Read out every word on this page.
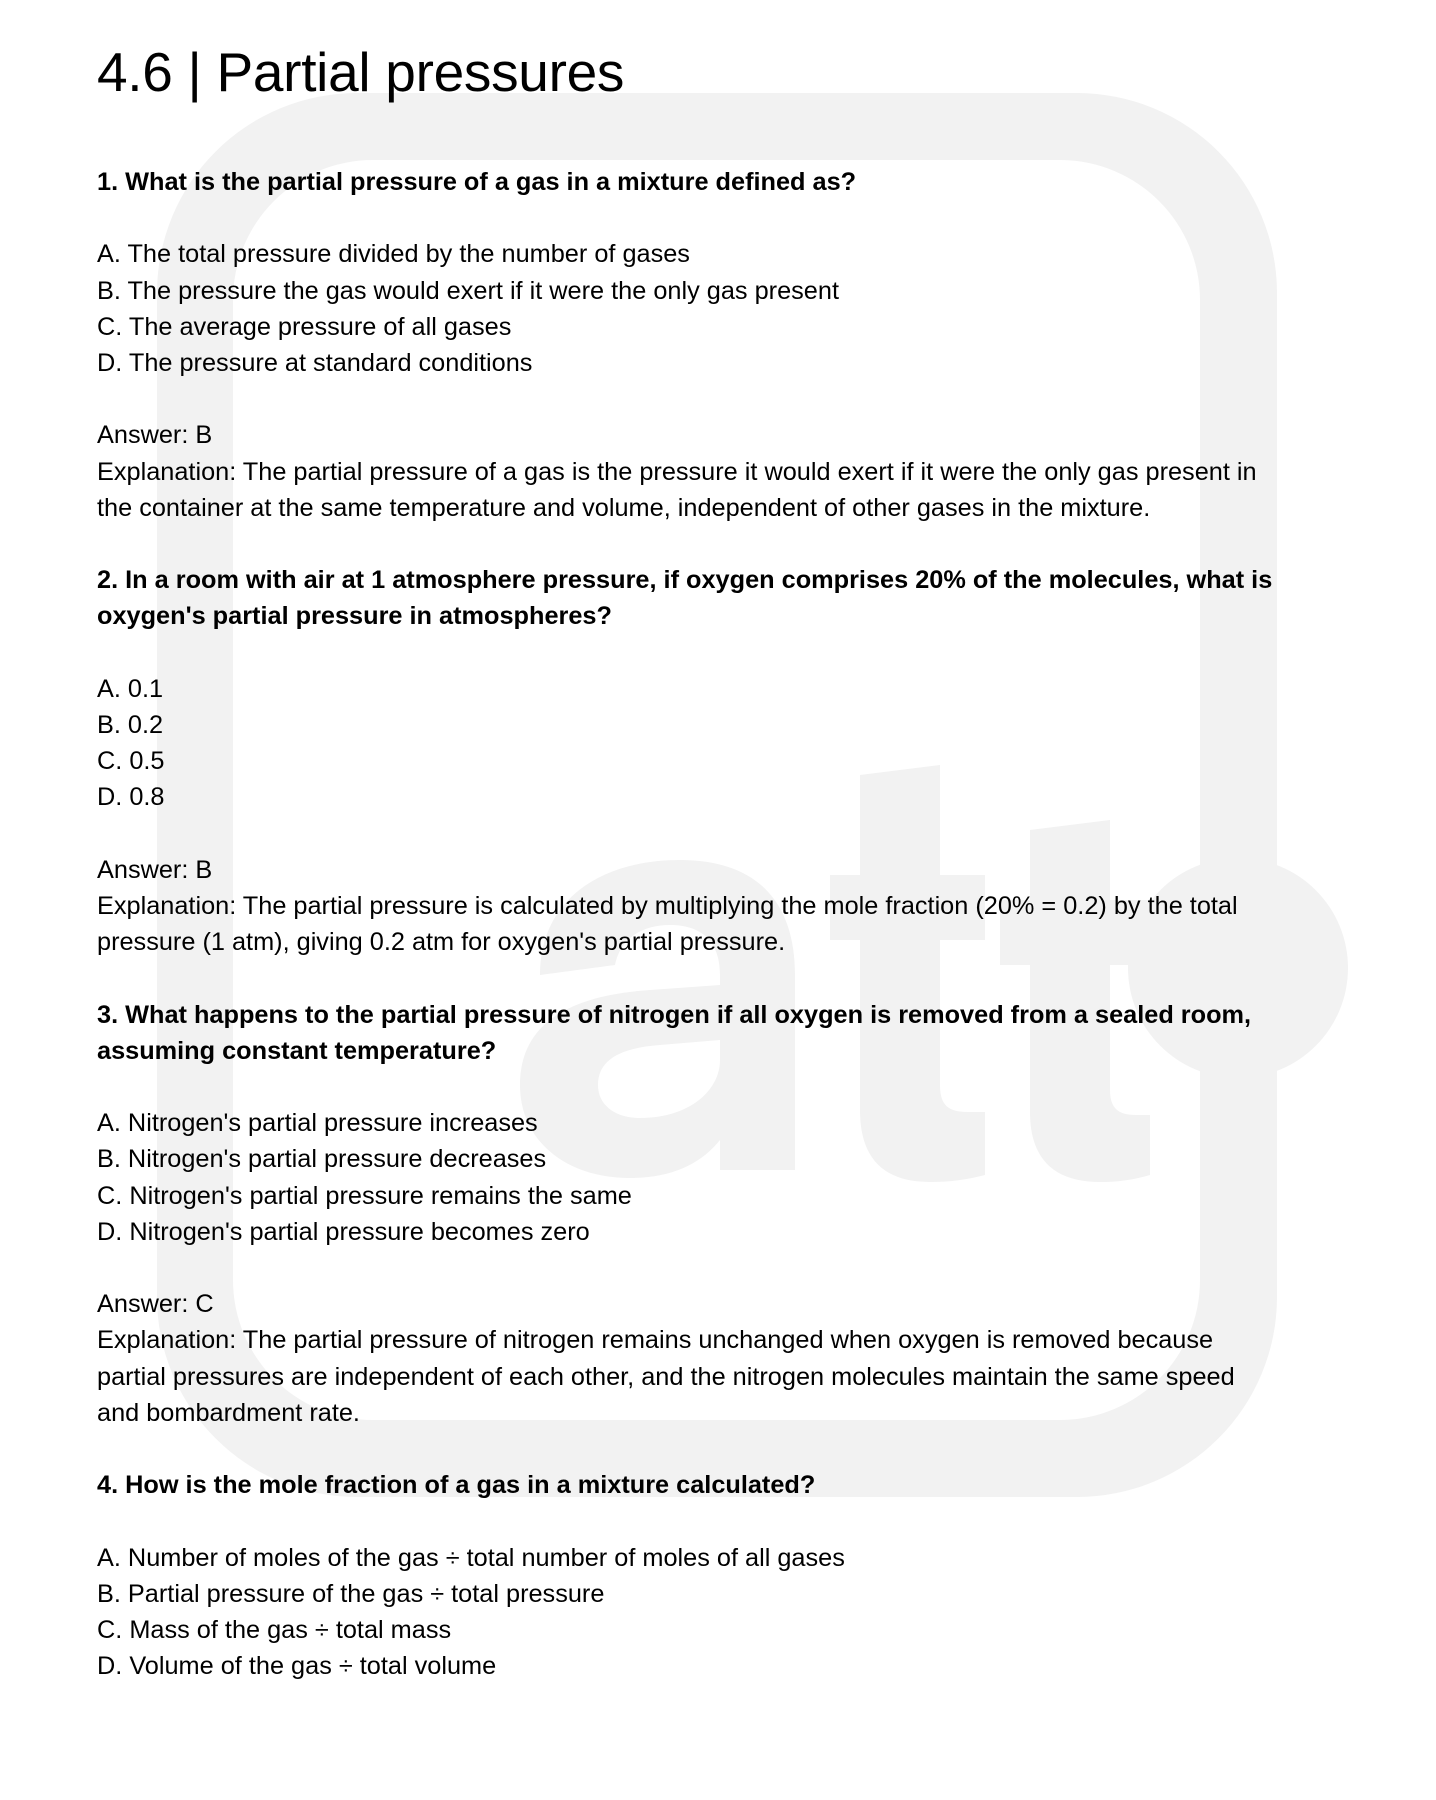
4.6 | Partial pressures
1. What is the partial pressure of a gas in a mixture defined as?
A. The total pressure divided by the number of gases
B. The pressure the gas would exert if it were the only gas present
C. The average pressure of all gases
D. The pressure at standard conditions
Answer: B
Explanation: The partial pressure of a gas is the pressure it would exert if it were the only gas present in
the container at the same temperature and volume, independent of other gases in the mixture.
2. In a room with air at 1 atmosphere pressure, if oxygen comprises 20% of the molecules, what is
oxygen's partial pressure in atmospheres?
A. 0.1
B. 0.2
C. 0.5
D. 0.8
Answer: B
Explanation: The partial pressure is calculated by multiplying the mole fraction (20% = 0.2) by the total
pressure (1 atm), giving 0.2 atm for oxygen's partial pressure.
3. What happens to the partial pressure of nitrogen if all oxygen is removed from a sealed room,
assuming constant temperature?
A. Nitrogen's partial pressure increases
B. Nitrogen's partial pressure decreases
C. Nitrogen's partial pressure remains the same
D. Nitrogen's partial pressure becomes zero
Answer: C
Explanation: The partial pressure of nitrogen remains unchanged when oxygen is removed because
partial pressures are independent of each other, and the nitrogen molecules maintain the same speed
and bombardment rate.
4. How is the mole fraction of a gas in a mixture calculated?
A. Number of moles of the gas ÷ total number of moles of all gases
B. Partial pressure of the gas ÷ total pressure
C. Mass of the gas ÷ total mass
D. Volume of the gas ÷ total volume
